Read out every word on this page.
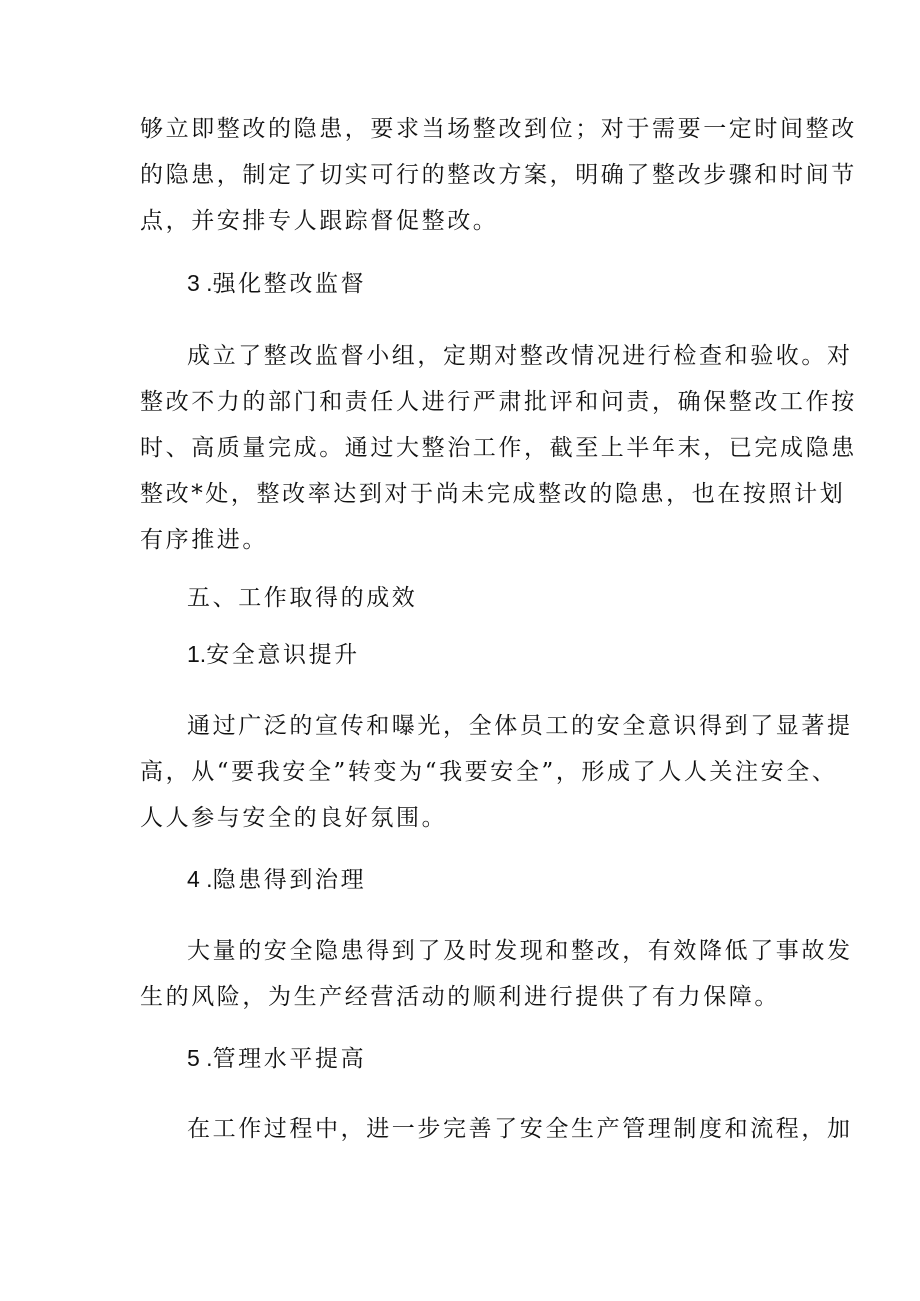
够立即整改的隐患，要求当场整改到位；对于需要一定时间整改
的隐患，制定了切实可行的整改方案，明确了整改步骤和时间节
点，并安排专人跟踪督促整改。
3 .强化整改监督
成立了整改监督小组，定期对整改情况进行检查和验收。对
整改不力的部门和责任人进行严肃批评和问责，确保整改工作按
时、高质量完成。通过大整治工作，截至上半年末，已完成隐患
整改*处，整改率达到对于尚未完成整改的隐患，也在按照计划
有序推进。
五、工作取得的成效
1.安全意识提升
通过广泛的宣传和曝光，全体员工的安全意识得到了显著提
高，从“要我安全”转变为“我要安全”，形成了人人关注安全、
人人参与安全的良好氛围。
4 .隐患得到治理
大量的安全隐患得到了及时发现和整改，有效降低了事故发
生的风险，为生产经营活动的顺利进行提供了有力保障。
5 .管理水平提高
在工作过程中，进一步完善了安全生产管理制度和流程，加
